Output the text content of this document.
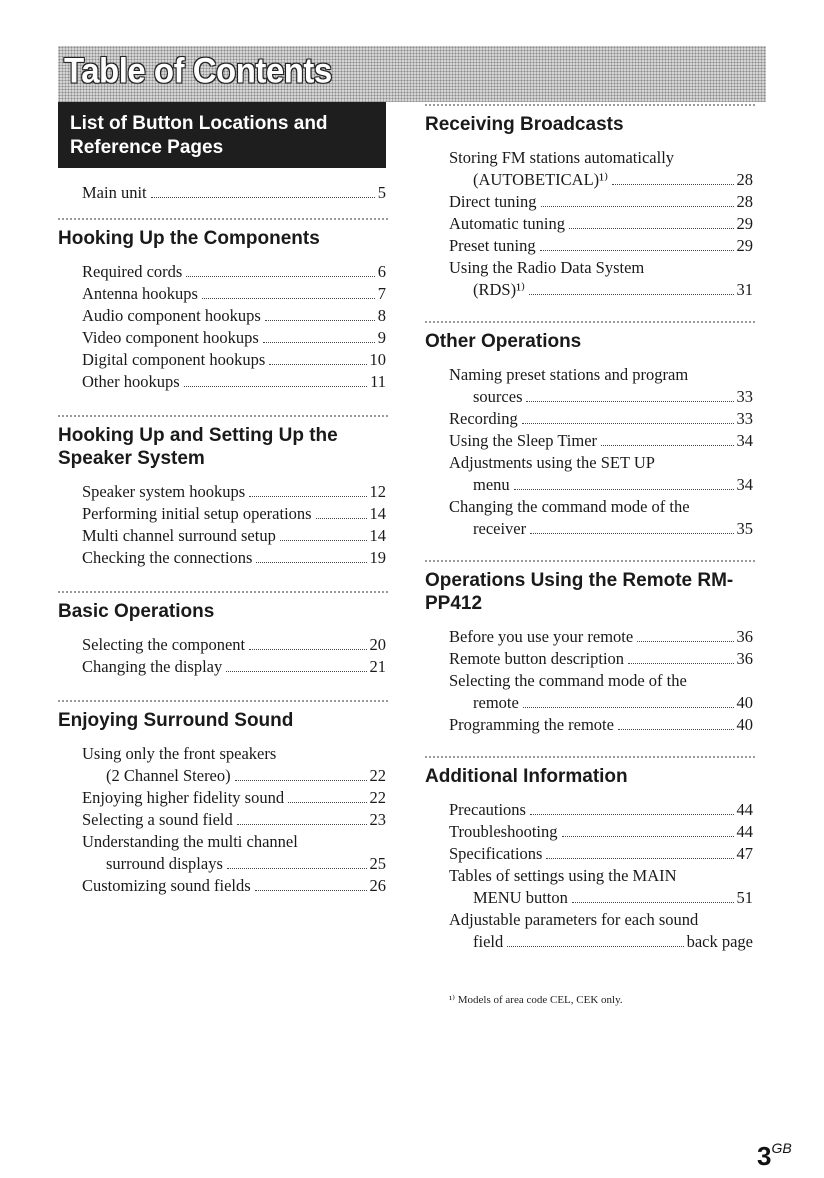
Table of Contents
List of Button Locations and Reference Pages
Main unit	5
Hooking Up the Components
Required cords	6
Antenna hookups	7
Audio component hookups	8
Video component hookups	9
Digital component hookups	10
Other hookups	11
Hooking Up and Setting Up the Speaker System
Speaker system hookups	12
Performing initial setup operations	14
Multi channel surround setup	14
Checking the connections	19
Basic Operations
Selecting the component	20
Changing the display	21
Enjoying Surround Sound
Using only the front speakers
(2 Channel Stereo)	22
Enjoying higher fidelity sound	22
Selecting a sound field	23
Understanding the multi channel
surround displays	25
Customizing sound fields	26
Receiving Broadcasts
Storing FM stations automatically
(AUTOBETICAL)¹⁾	28
Direct tuning	28
Automatic tuning	29
Preset tuning	29
Using the Radio Data System
(RDS)¹⁾	31
Other Operations
Naming preset stations and program
sources	33
Recording	33
Using the Sleep Timer	34
Adjustments using the SET UP
menu	34
Changing the command mode of the
receiver	35
Operations Using the Remote RM-PP412
Before you use your remote	36
Remote button description	36
Selecting the command mode of the
remote	40
Programming the remote	40
Additional Information
Precautions	44
Troubleshooting	44
Specifications	47
Tables of settings using the MAIN
MENU button	51
Adjustable parameters for each sound
field	back page
¹⁾ Models of area code CEL, CEK only.
$3^{GB}$
